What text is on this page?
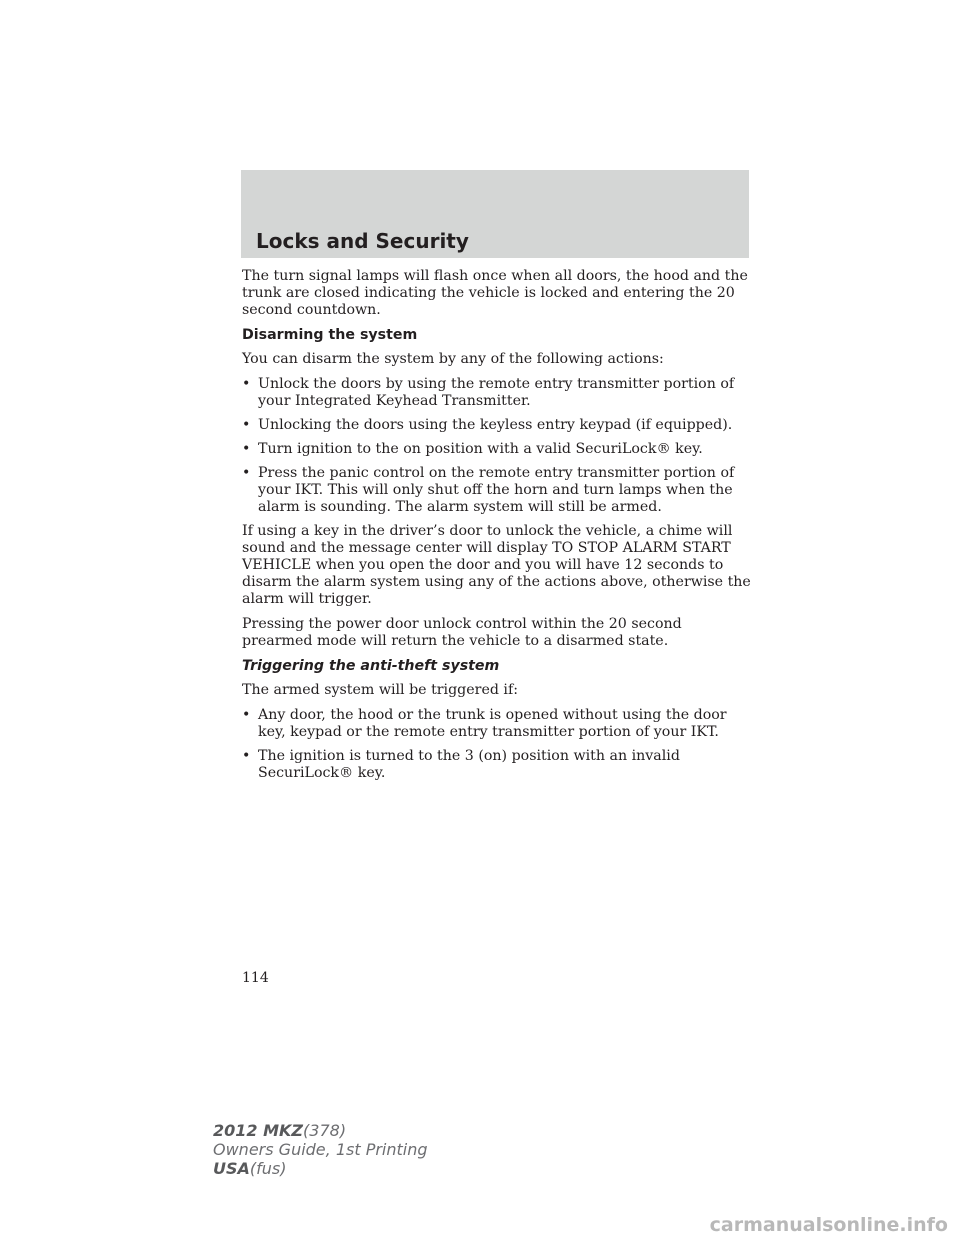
Locks and Security

The turn signal lamps will flash once when all doors, the hood and the trunk are closed indicating the vehicle is locked and entering the 20 second countdown.

Disarming the system

You can disarm the system by any of the following actions:

• Unlock the doors by using the remote entry transmitter portion of your Integrated Keyhead Transmitter.
• Unlocking the doors using the keyless entry keypad (if equipped).
• Turn ignition to the on position with a valid SecuriLock® key.
• Press the panic control on the remote entry transmitter portion of your IKT. This will only shut off the horn and turn lamps when the alarm is sounding. The alarm system will still be armed.

If using a key in the driver’s door to unlock the vehicle, a chime will sound and the message center will display TO STOP ALARM START VEHICLE when you open the door and you will have 12 seconds to disarm the alarm system using any of the actions above, otherwise the alarm will trigger.

Pressing the power door unlock control within the 20 second prearmed mode will return the vehicle to a disarmed state.

Triggering the anti-theft system

The armed system will be triggered if:

• Any door, the hood or the trunk is opened without using the door key, keypad or the remote entry transmitter portion of your IKT.
• The ignition is turned to the 3 (on) position with an invalid SecuriLock® key.
114
2012 MKZ(378)
Owners Guide, 1st Printing
USA(fus)
carmanualsonline.info
